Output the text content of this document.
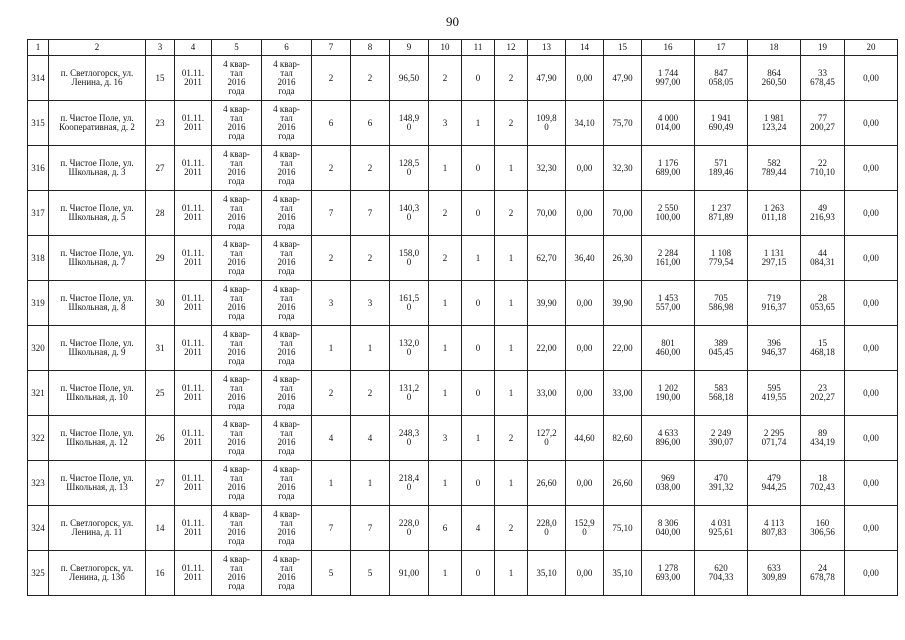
90
1	2	3	4	5	6	7	8	9	10	11	12	13	14	15	16	17	18	19	20
314	п. Светлогорск, ул. Ленина, д. 16	15	01.11.
2011	4 квар-
тал
2016
года	4 квар-
тал
2016
года	2	2	96,50	2	0	2	47,90	0,00	47,90	1 744
997,00	847
058,05	864
260,50	33
678,45	0,00
315	п. Чистое Поле, ул. Кооперативная, д. 2	23	01.11.
2011	4 квар-
тал
2016
года	4 квар-
тал
2016
года	6	6	148,9
0	3	1	2	109,8
0	34,10	75,70	4 000
014,00	1 941
690,49	1 981
123,24	77
200,27	0,00
316	п. Чистое Поле, ул. Школьная, д. 3	27	01.11.
2011	4 квар-
тал
2016
года	4 квар-
тал
2016
года	2	2	128,5
0	1	0	1	32,30	0,00	32,30	1 176
689,00	571
189,46	582
789,44	22
710,10	0,00
317	п. Чистое Поле, ул. Школьная, д. 5	28	01.11.
2011	4 квар-
тал
2016
года	4 квар-
тал
2016
года	7	7	140,3
0	2	0	2	70,00	0,00	70,00	2 550
100,00	1 237
871,89	1 263
011,18	49
216,93	0,00
318	п. Чистое Поле, ул. Школьная, д. 7	29	01.11.
2011	4 квар-
тал
2016
года	4 квар-
тал
2016
года	2	2	158,0
0	2	1	1	62,70	36,40	26,30	2 284
161,00	1 108
779,54	1 131
297,15	44
084,31	0,00
319	п. Чистое Поле, ул. Школьная, д. 8	30	01.11.
2011	4 квар-
тал
2016
года	4 квар-
тал
2016
года	3	3	161,5
0	1	0	1	39,90	0,00	39,90	1 453
557,00	705
586,98	719
916,37	28
053,65	0,00
320	п. Чистое Поле, ул. Школьная, д. 9	31	01.11.
2011	4 квар-
тал
2016
года	4 квар-
тал
2016
года	1	1	132,0
0	1	0	1	22,00	0,00	22,00	801
460,00	389
045,45	396
946,37	15
468,18	0,00
321	п. Чистое Поле, ул. Школьная, д. 10	25	01.11.
2011	4 квар-
тал
2016
года	4 квар-
тал
2016
года	2	2	131,2
0	1	0	1	33,00	0,00	33,00	1 202
190,00	583
568,18	595
419,55	23
202,27	0,00
322	п. Чистое Поле, ул. Школьная, д. 12	26	01.11.
2011	4 квар-
тал
2016
года	4 квар-
тал
2016
года	4	4	248,3
0	3	1	2	127,2
0	44,60	82,60	4 633
896,00	2 249
390,07	2 295
071,74	89
434,19	0,00
323	п. Чистое Поле, ул. Школьная, д. 13	27	01.11.
2011	4 квар-
тал
2016
года	4 квар-
тал
2016
года	1	1	218,4
0	1	0	1	26,60	0,00	26,60	969
038,00	470
391,32	479
944,25	18
702,43	0,00
324	п. Светлогорск, ул. Ленина, д. 11	14	01.11.
2011	4 квар-
тал
2016
года	4 квар-
тал
2016
года	7	7	228,0
0	6	4	2	228,0
0	152,9
0	75,10	8 306
040,00	4 031
925,61	4 113
807,83	160
306,56	0,00
325	п. Светлогорск, ул. Ленина, д. 13б	16	01.11.
2011	4 квар-
тал
2016
года	4 квар-
тал
2016
года	5	5	91,00	1	0	1	35,10	0,00	35,10	1 278
693,00	620
704,33	633
309,89	24
678,78	0,00
